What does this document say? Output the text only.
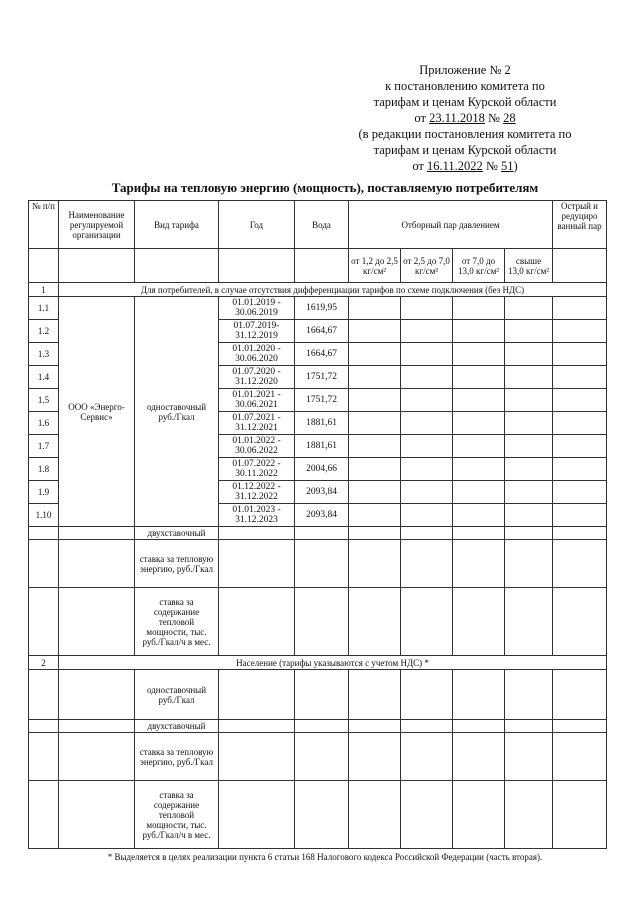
Приложение № 2
к постановлению комитета по
тарифам и ценам Курской области
от 23.11.2018 № 28
(в редакции постановления комитета по
тарифам и ценам Курской области
от 16.11.2022 № 51)
Тарифы на тепловую энергию (мощность), поставляемую потребителям
№ п/п	Наименование регулируемой организации	Вид тарифа	Год	Вода	Отборный пар давлением				Острый и редуциро ванный пар
					от 1,2 до 2,5 кг/см²	от 2,5 до 7,0 кг/см²	от 7,0 до 13,0 кг/см²	свыше 13,0 кг/см²	
1	Для потребителей, в случае отсутствия дифференциации тарифов по схеме подключения (без НДС)								
1.1	ООО «Энерго-Сервис»	одноставочный руб./Гкал	01.01.2019 - 30.06.2019	1619,95					
1.2			01.07.2019- 31.12.2019	1664,67					
1.3			01.01.2020 - 30.06.2020	1664,67					
1.4			01.07.2020 - 31.12.2020	1751,72					
1.5			01.01.2021 - 30.06.2021	1751,72					
1.6			01.07.2021 - 31.12.2021	1881,61					
1.7			01.01.2022 - 30.06.2022	1881,61					
1.8			01.07.2022 - 30.11.2022	2004,66					
1.9			01.12.2022 - 31.12.2022	2093,84					
1.10			01.01.2023 - 31.12.2023	2093,84					
		двухставочный							
		ставка за тепловую энергию, руб./Гкал							
		ставка за содержание тепловой мощности, тыс. руб./Гкал/ч в мес.							
2	Население (тарифы указываются с учетом НДС) *								
		одноставочный руб./Гкал							
		двухставочный							
		ставка за тепловую энергию, руб./Гкал							
		ставка за содержание тепловой мощности, тыс. руб./Гкал/ч в мес.							
* Выделяется в целях реализации пункта 6 статьи 168 Налогового кодекса Российской Федерации (часть вторая).
